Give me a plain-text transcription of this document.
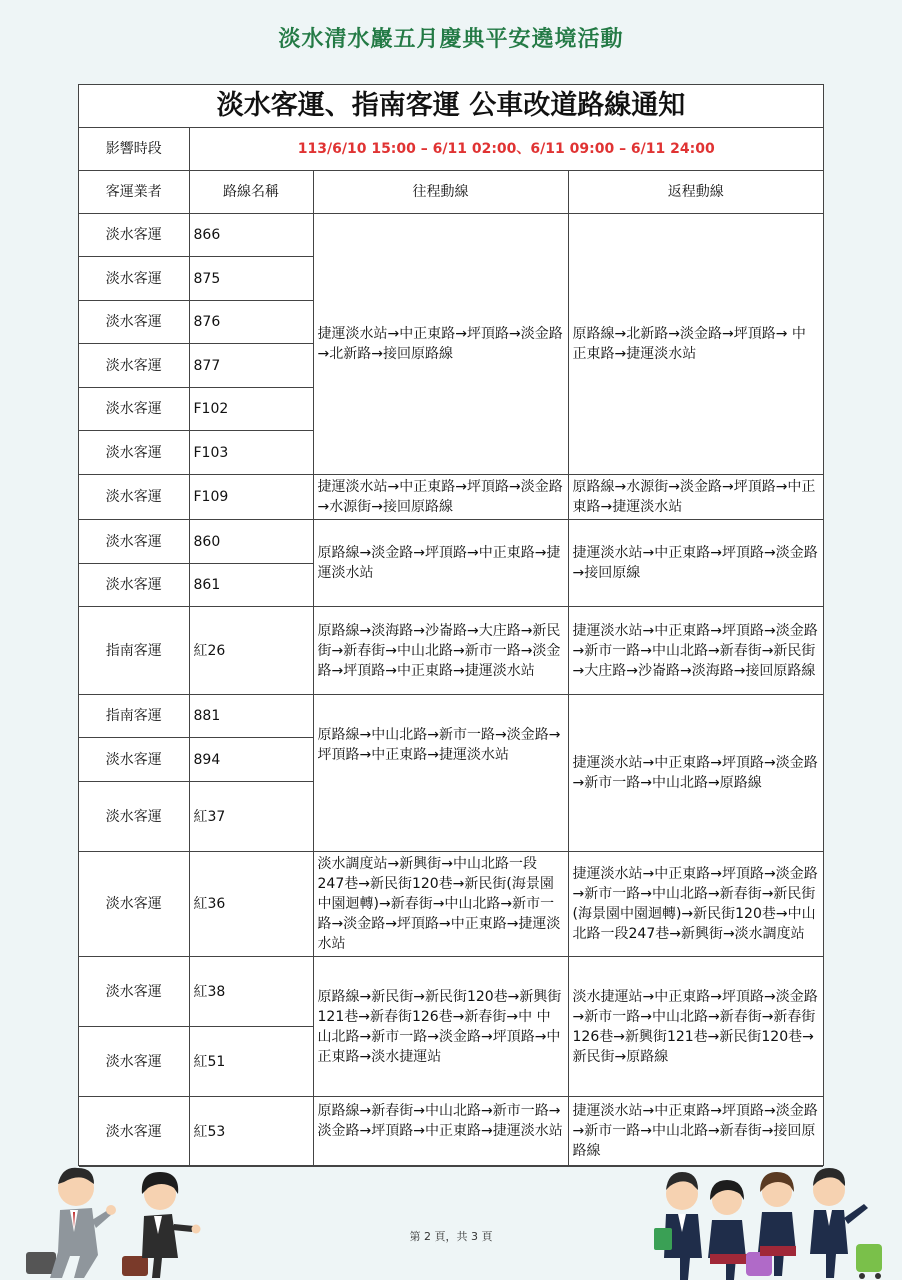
淡水清水巖五月慶典平安遶境活動
淡水客運、指南客運 公車改道路線通知
影響時段	113/6/10 15:00 – 6/11 02:00、6/11 09:00 – 6/11 24:00		
客運業者	路線名稱	往程動線	返程動線
淡水客運	866	捷運淡水站→中正東路→坪頂路→淡金路→北新路→接回原路線	原路線→北新路→淡金路→坪頂路→ 中正東路→捷運淡水站
淡水客運	875		
淡水客運	876		
淡水客運	877		
淡水客運	F102		
淡水客運	F103		
淡水客運	F109	捷運淡水站→中正東路→坪頂路→淡金路→水源街→接回原路線	原路線→水源街→淡金路→坪頂路→中正東路→捷運淡水站
淡水客運	860	原路線→淡金路→坪頂路→中正東路→捷運淡水站	捷運淡水站→中正東路→坪頂路→淡金路→接回原線
淡水客運	861		
指南客運	紅26	原路線→淡海路→沙崙路→大庄路→新民街→新春街→中山北路→新市一路→淡金路→坪頂路→中正東路→捷運淡水站	捷運淡水站→中正東路→坪頂路→淡金路→新市一路→中山北路→新春街→新民街→大庄路→沙崙路→淡海路→接回原路線
指南客運	881	原路線→中山北路→新市一路→淡金路→坪頂路→中正東路→捷運淡水站	捷運淡水站→中正東路→坪頂路→淡金路→新市一路→中山北路→原路線
淡水客運	894		
淡水客運	紅37		
淡水客運	紅36	淡水調度站→新興街→中山北路一段247巷→新民街120巷→新民街(海景園中園迴轉)→新春街→中山北路→新市一路→淡金路→坪頂路→中正東路→捷運淡水站	捷運淡水站→中正東路→坪頂路→淡金路→新市一路→中山北路→新春街→新民街(海景園中園迴轉)→新民街120巷→中山北路一段247巷→新興街→淡水調度站
淡水客運	紅38	原路線→新民街→新民街120巷→新興街121巷→新春街126巷→新春街→中 中山北路→新市一路→淡金路→坪頂路→中正東路→淡水捷運站	淡水捷運站→中正東路→坪頂路→淡金路→新市一路→中山北路→新春街→新春街126巷→新興街121巷→新民街120巷→新民街→原路線
淡水客運	紅51		
淡水客運	紅53	原路線→新春街→中山北路→新市一路→淡金路→坪頂路→中正東路→捷運淡水站	捷運淡水站→中正東路→坪頂路→淡金路→新市一路→中山北路→新春街→接回原路線
第 2 頁，共 3 頁
